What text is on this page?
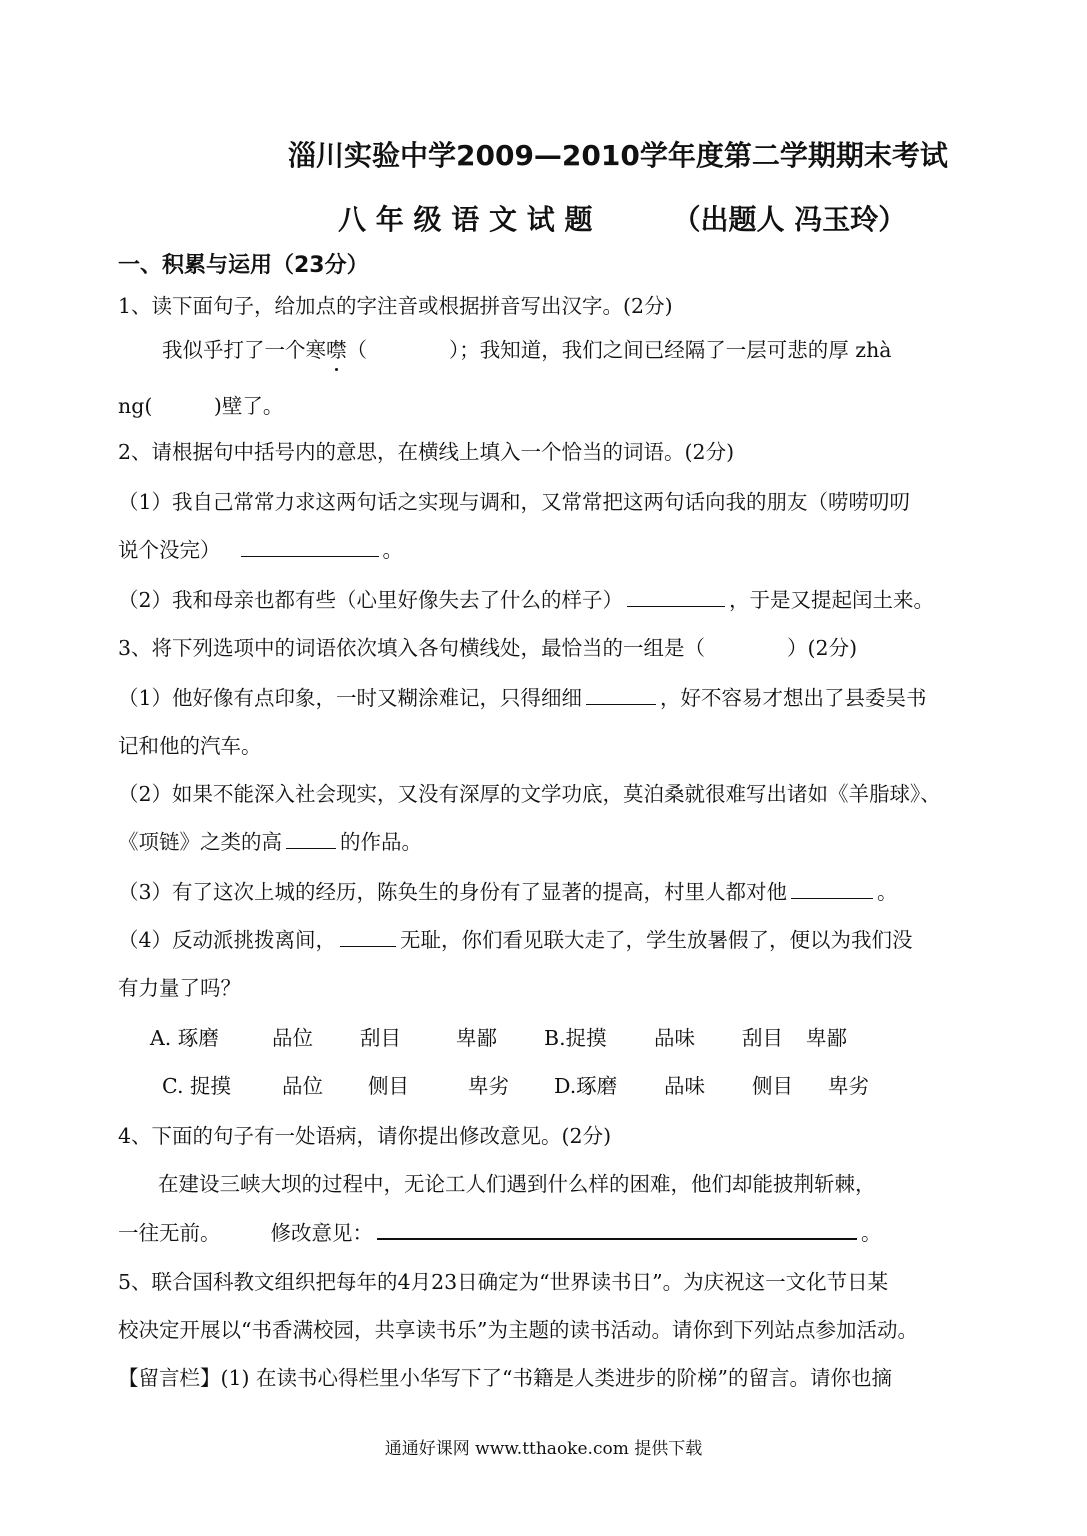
淄川实验中学2009—2010学年度第二学期期末考试
八 年 级 语 文 试 题	（出题人 冯玉玲）
一、积累与运用（23分）
1、读下面句子，给加点的字注音或根据拼音写出汉字。(2分)
我似乎打了一个寒噤（　　　　）；我知道，我们之间已经隔了一层可悲的厚 zhà
ng(　　　)壁了。
2、请根据句中括号内的意思，在横线上填入一个恰当的词语。(2分)
（1）我自己常常力求这两句话之实现与调和，又常常把这两句话向我的朋友（唠唠叨叨
说个没完）	。
（2）我和母亲也都有些（心里好像失去了什么的样子）	，于是又提起闰土来。
3、将下列选项中的词语依次填入各句横线处，最恰当的一组是（　　　　）(2分)
（1）他好像有点印象，一时又糊涂难记，只得细细	，好不容易才想出了县委吴书
记和他的汽车。
（2）如果不能深入社会现实，又没有深厚的文学功底，莫泊桑就很难写出诸如《羊脂球》、
《项链》之类的高	的作品。
（3）有了这次上城的经历，陈奂生的身份有了显著的提高，村里人都对他	。
（4）反动派挑拨离间，	无耻，你们看见联大走了，学生放暑假了，便以为我们没
有力量了吗？
A. 琢磨	品位 刮目	卑鄙 B.捉摸 品味 刮目 卑鄙
C. 捉摸 品位 侧目	卑劣 D.琢磨 品味 侧目 卑劣
4、下面的句子有一处语病，请你提出修改意见。(2分)
在建设三峡大坝的过程中，无论工人们遇到什么样的困难，他们却能披荆斩棘，
一往无前。 修改意见：	。
5、联合国科教文组织把每年的4月23日确定为“世界读书日”。为庆祝这一文化节日某
校决定开展以“书香满校园，共享读书乐”为主题的读书活动。请你到下列站点参加活动。
【留言栏】(1) 在读书心得栏里小华写下了“书籍是人类进步的阶梯”的留言。请你也摘
通通好课网 www.tthaoke.com 提供下载
